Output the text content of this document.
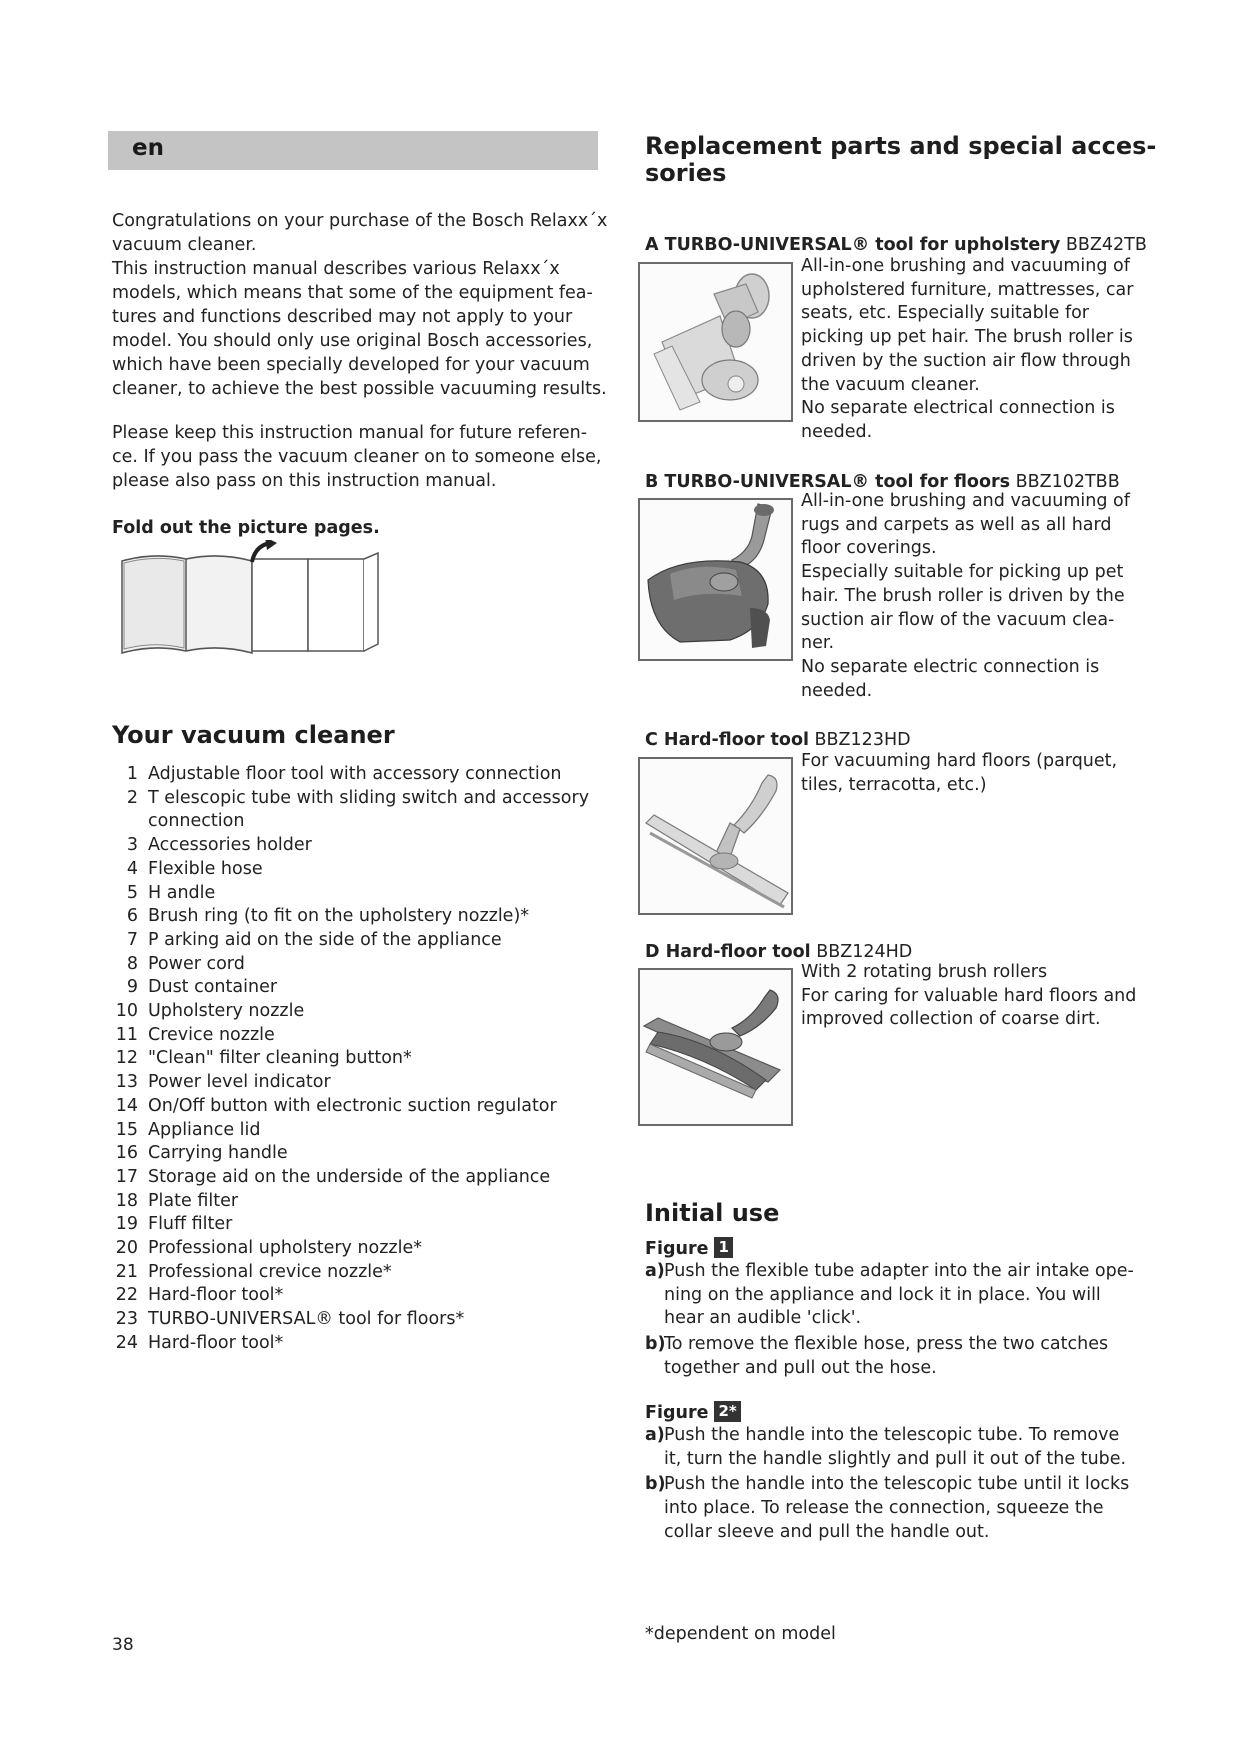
en
Congratulations on your purchase of the Bosch Relaxx´x
vacuum cleaner.
This instruction manual describes various Relaxx´x
models, which means that some of the equipment fea-
tures and functions described may not apply to your
model. You should only use original Bosch accessories,
which have been specially developed for your vacuum
cleaner, to achieve the best possible vacuuming results.
Please keep this instruction manual for future referen-
ce. If you pass the vacuum cleaner on to someone else,
please also pass on this instruction manual.
Fold out the picture pages.
Your vacuum cleaner
1 Adjustable floor tool with accessory connection
2 T elescopic tube with sliding switch and accessory connection
3 Accessories holder
4 Flexible hose
5 H andle
6 Brush ring (to fit on the upholstery nozzle)*
7 P arking aid on the side of the appliance
8 Power cord
9 Dust container
10 Upholstery nozzle
11 Crevice nozzle
12 "Clean" filter cleaning button*
13 Power level indicator
14 On/Off button with electronic suction regulator
15 Appliance lid
16 Carrying handle
17 Storage aid on the underside of the appliance
18 Plate filter
19 Fluff filter
20 Professional upholstery nozzle*
21 Professional crevice nozzle*
22 Hard-floor tool*
23 TURBO-UNIVERSAL® tool for floors*
24 Hard-floor tool*
38
Replacement parts and special acces-
sories
A TURBO-UNIVERSAL® tool for upholstery BBZ42TB

All-in-one brushing and vacuuming of upholstered furniture, mattresses, car seats, etc. Especially suitable for picking up pet hair. The brush roller is driven by the suction air flow through the vacuum cleaner.

No separate electrical connection is needed.

B TURBO-UNIVERSAL® tool for floors BBZ102TBB

All-in-one brushing and vacuuming of rugs and carpets as well as all hard floor coverings.

Especially suitable for picking up pet hair. The brush roller is driven by the suction air flow of the vacuum clea- ner.

No separate electric connection is needed.

C Hard-floor tool BBZ123HD

For vacuuming hard floors (parquet, tiles, terracotta, etc.)

D Hard-floor tool BBZ124HD

With 2 rotating brush rollers

For caring for valuable hard floors and improved collection of coarse dirt.

Initial use
Figure 1
a) Push the flexible tube adapter into the air intake ope- ning on the appliance and lock it in place. You will hear an audible 'click'.
b)
To remove the flexible hose, press the two catches together and pull out the hose.
Figure 2*
a) Push the handle into the telescopic tube. To remove it, turn the handle slightly and pull it out of the tube.
b)
Push the handle into the telescopic tube until it locks into place. To release the connection, squeeze the collar sleeve and pull the handle out.
*dependent on model
